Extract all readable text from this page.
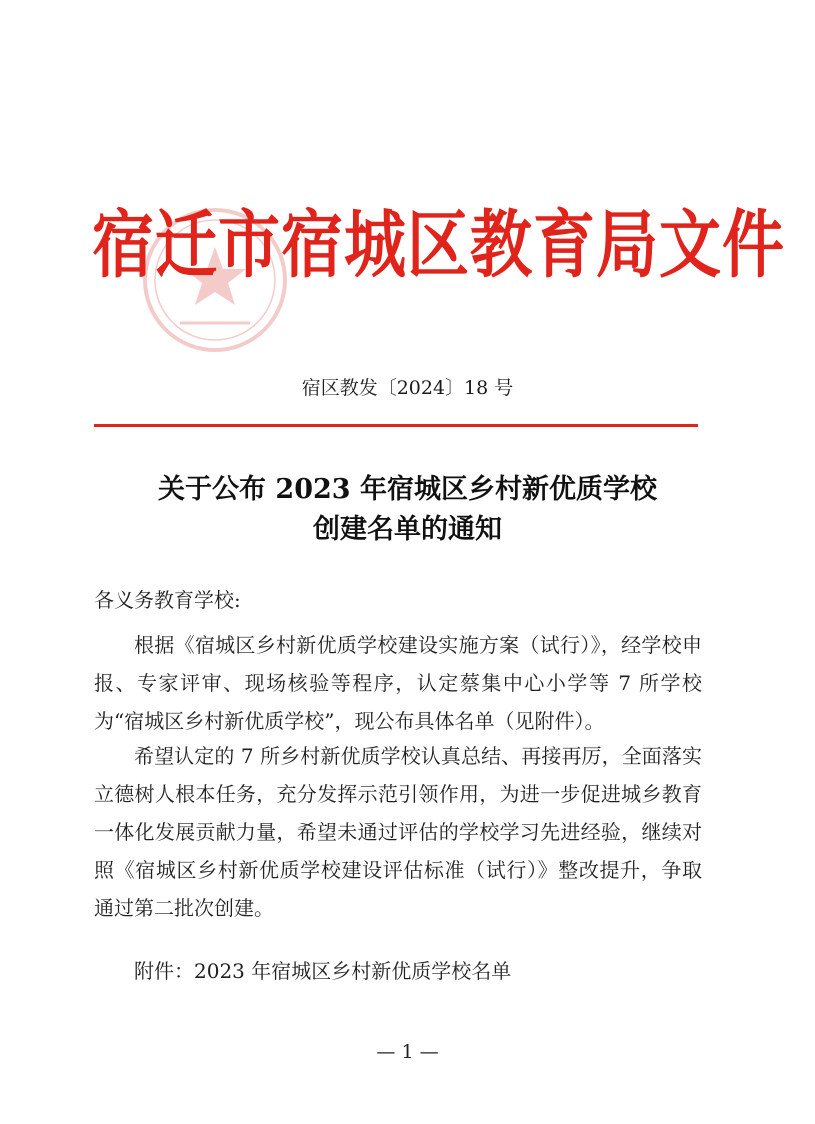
宿迁市宿城区教育局文件
宿区教发〔2024〕18 号
关于公布 2023 年宿城区乡村新优质学校
创建名单的通知
各义务教育学校:
根据《宿城区乡村新优质学校建设实施方案（试行）》，经学校申报、专家评审、现场核验等程序，认定蔡集中心小学等 7 所学校为“宿城区乡村新优质学校”，现公布具体名单（见附件）。
希望认定的 7 所乡村新优质学校认真总结、再接再厉，全面落实立德树人根本任务，充分发挥示范引领作用，为进一步促进城乡教育一体化发展贡献力量，希望未通过评估的学校学习先进经验，继续对照《宿城区乡村新优质学校建设评估标准（试行）》整改提升，争取通过第二批次创建。
附件：2023 年宿城区乡村新优质学校名单
— 1 —
